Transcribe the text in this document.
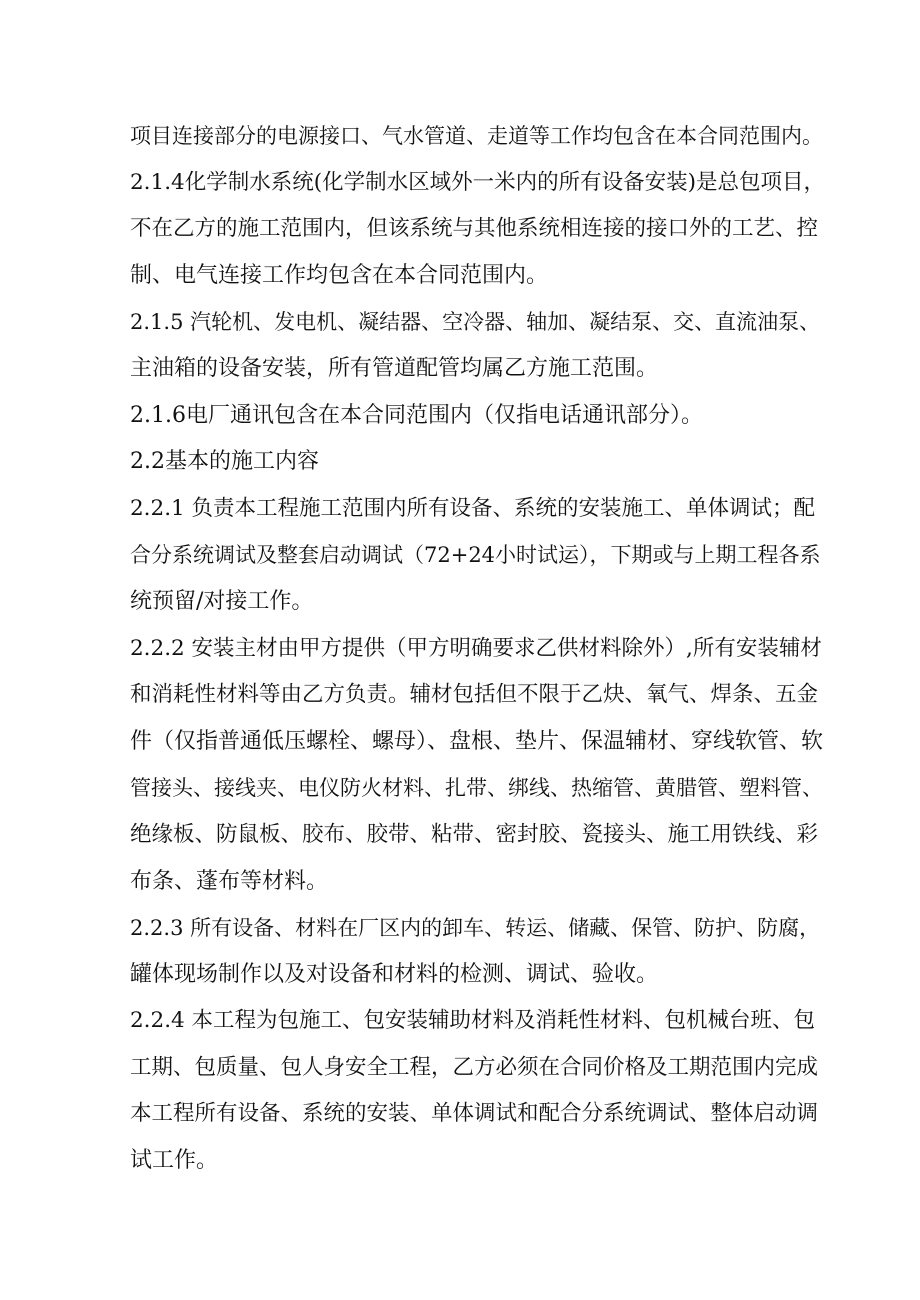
项目连接部分的电源接口、气水管道、走道等工作均包含在本合同范围内。
2.1.4化学制水系统(化学制水区域外一米内的所有设备安装)是总包项目，
不在乙方的施工范围内，但该系统与其他系统相连接的接口外的工艺、控
制、电气连接工作均包含在本合同范围内。
2.1.5 汽轮机、发电机、凝结器、空冷器、轴加、凝结泵、交、直流油泵、
主油箱的设备安装，所有管道配管均属乙方施工范围。
2.1.6电厂通讯包含在本合同范围内（仅指电话通讯部分）。
2.2基本的施工内容
2.2.1 负责本工程施工范围内所有设备、系统的安装施工、单体调试；配
合分系统调试及整套启动调试（72+24小时试运），下期或与上期工程各系
统预留/对接工作。
2.2.2 安装主材由甲方提供（甲方明确要求乙供材料除外）,所有安装辅材
和消耗性材料等由乙方负责。辅材包括但不限于乙炔、氧气、焊条、五金
件（仅指普通低压螺栓、螺母）、盘根、垫片、保温辅材、穿线软管、软
管接头、接线夹、电仪防火材料、扎带、绑线、热缩管、黄腊管、塑料管、
绝缘板、防鼠板、胶布、胶带、粘带、密封胶、瓷接头、施工用铁线、彩
布条、蓬布等材料。
2.2.3 所有设备、材料在厂区内的卸车、转运、储藏、保管、防护、防腐，
罐体现场制作以及对设备和材料的检测、调试、验收。
2.2.4 本工程为包施工、包安装辅助材料及消耗性材料、包机械台班、包
工期、包质量、包人身安全工程，乙方必须在合同价格及工期范围内完成
本工程所有设备、系统的安装、单体调试和配合分系统调试、整体启动调
试工作。
